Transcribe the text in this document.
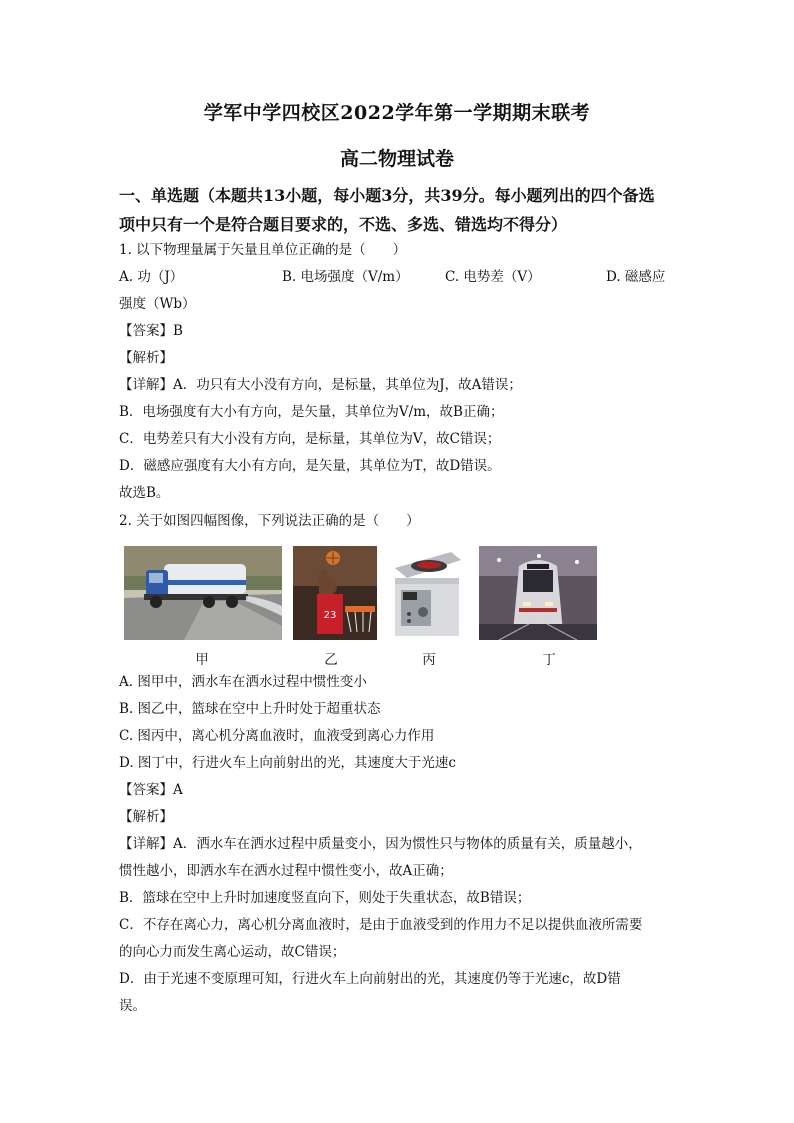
学军中学四校区2022学年第一学期期末联考
高二物理试卷
一、单选题（本题共13小题，每小题3分，共39分。每小题列出的四个备选
项中只有一个是符合题目要求的，不选、多选、错选均不得分）
1. 以下物理量属于矢量且单位正确的是（　　）
A. 功（J）	B. 电场强度（V/m）	C. 电势差（V）	D. 磁感应
强度（Wb）
【答案】B
【解析】
【详解】A．功只有大小没有方向，是标量，其单位为J，故A错误；
B．电场强度有大小有方向，是矢量，其单位为V/m，故B正确；
C．电势差只有大小没有方向，是标量，其单位为V，故C错误；
D．磁感应强度有大小有方向，是矢量，其单位为T，故D错误。
故选B。
2. 关于如图四幅图像，下列说法正确的是（　　）
23
甲	乙	丙	丁
A. 图甲中，洒水车在洒水过程中惯性变小
B. 图乙中，篮球在空中上升时处于超重状态
C. 图丙中，离心机分离血液时，血液受到离心力作用
D. 图丁中，行进火车上向前射出的光，其速度大于光速c
【答案】A
【解析】
【详解】A．洒水车在洒水过程中质量变小，因为惯性只与物体的质量有关，质量越小，
惯性越小，即洒水车在洒水过程中惯性变小，故A正确；
B．篮球在空中上升时加速度竖直向下，则处于失重状态，故B错误；
C．不存在离心力，离心机分离血液时，是由于血液受到的作用力不足以提供血液所需要
的向心力而发生离心运动，故C错误；
D．由于光速不变原理可知，行进火车上向前射出的光，其速度仍等于光速c，故D错
误。
